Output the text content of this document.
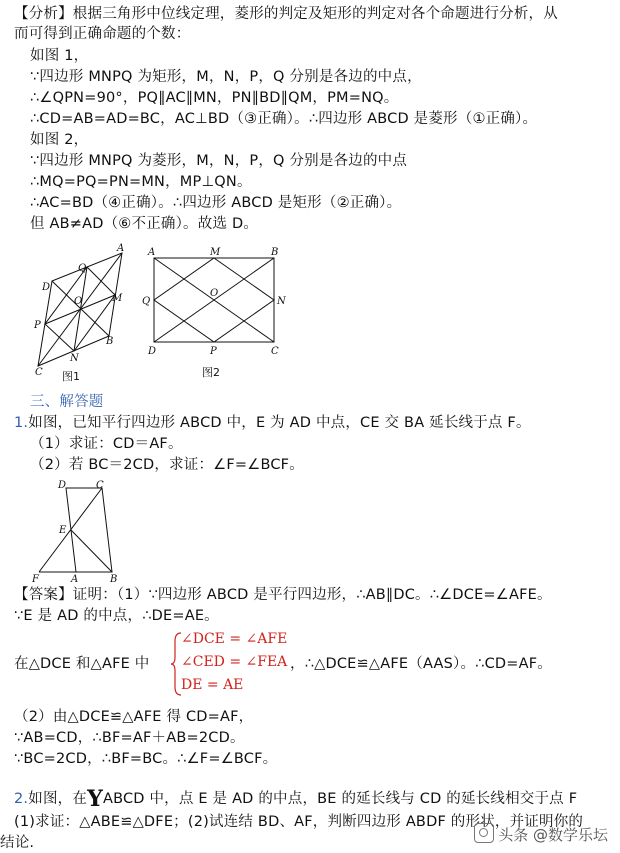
【分析】根据三角形中位线定理，菱形的判定及矩形的判定对各个命题进行分析，从
而可得到正确命题的个数：
如图 1，
∵四边形 MNPQ 为矩形，M，N，P，Q 分别是各边的中点，
∴∠QPN=90°，PQ∥AC∥MN，PN∥BD∥QM，PM=NQ。
∴CD=AB=AD=BC，AC⊥BD（③正确）。∴四边形 ABCD 是菱形（①正确）。
如图 2，
∵四边形 MNPQ 为菱形，M，N，P，Q 分别是各边的中点
∴MQ=PQ=PN=MN，MP⊥QN。
∴AC=BD（④正确）。∴四边形 ABCD 是矩形（②正确）。
但 AB≠AD（⑥不正确）。故选 D。
A
D
Q
M
O
P
B
N
C 图1
A	M	B
Q
O
N
D	P	C
图2
三、解答题
1.如图，已知平行四边形 ABCD 中，E 为 AD 中点，CE 交 BA 延长线于点 F。
（1）求证：CD＝AF。
（2）若 BC＝2CD，求证：∠F=∠BCF。
D	C
E
F	A	B
【答案】证明：（1）∵四边形 ABCD 是平行四边形，∴AB∥DC。∴∠DCE=∠AFE。
∵E 是 AD 的中点，∴DE=AE。
在△DCE 和△AFE 中
∠DCE = ∠AFE
∠CED = ∠FEA
DE = AE
，∴△DCE≌△AFE（AAS）。∴CD=AF。
（2）由△DCE≌△AFE 得 CD=AF，
∵AB=CD，∴BF=AF＋AB=2CD。
∵BC=2CD，∴BF=BC。∴∠F=∠BCF。
2.如图，在YABCD 中，点 E 是 AD 的中点，BE 的延长线与 CD 的延长线相交于点 F
(1)求证：△ABE≌△DFE；(2)试连结 BD、AF，判断四边形 ABDF 的形状，并证明你的
结论.	头条 @数学乐坛
